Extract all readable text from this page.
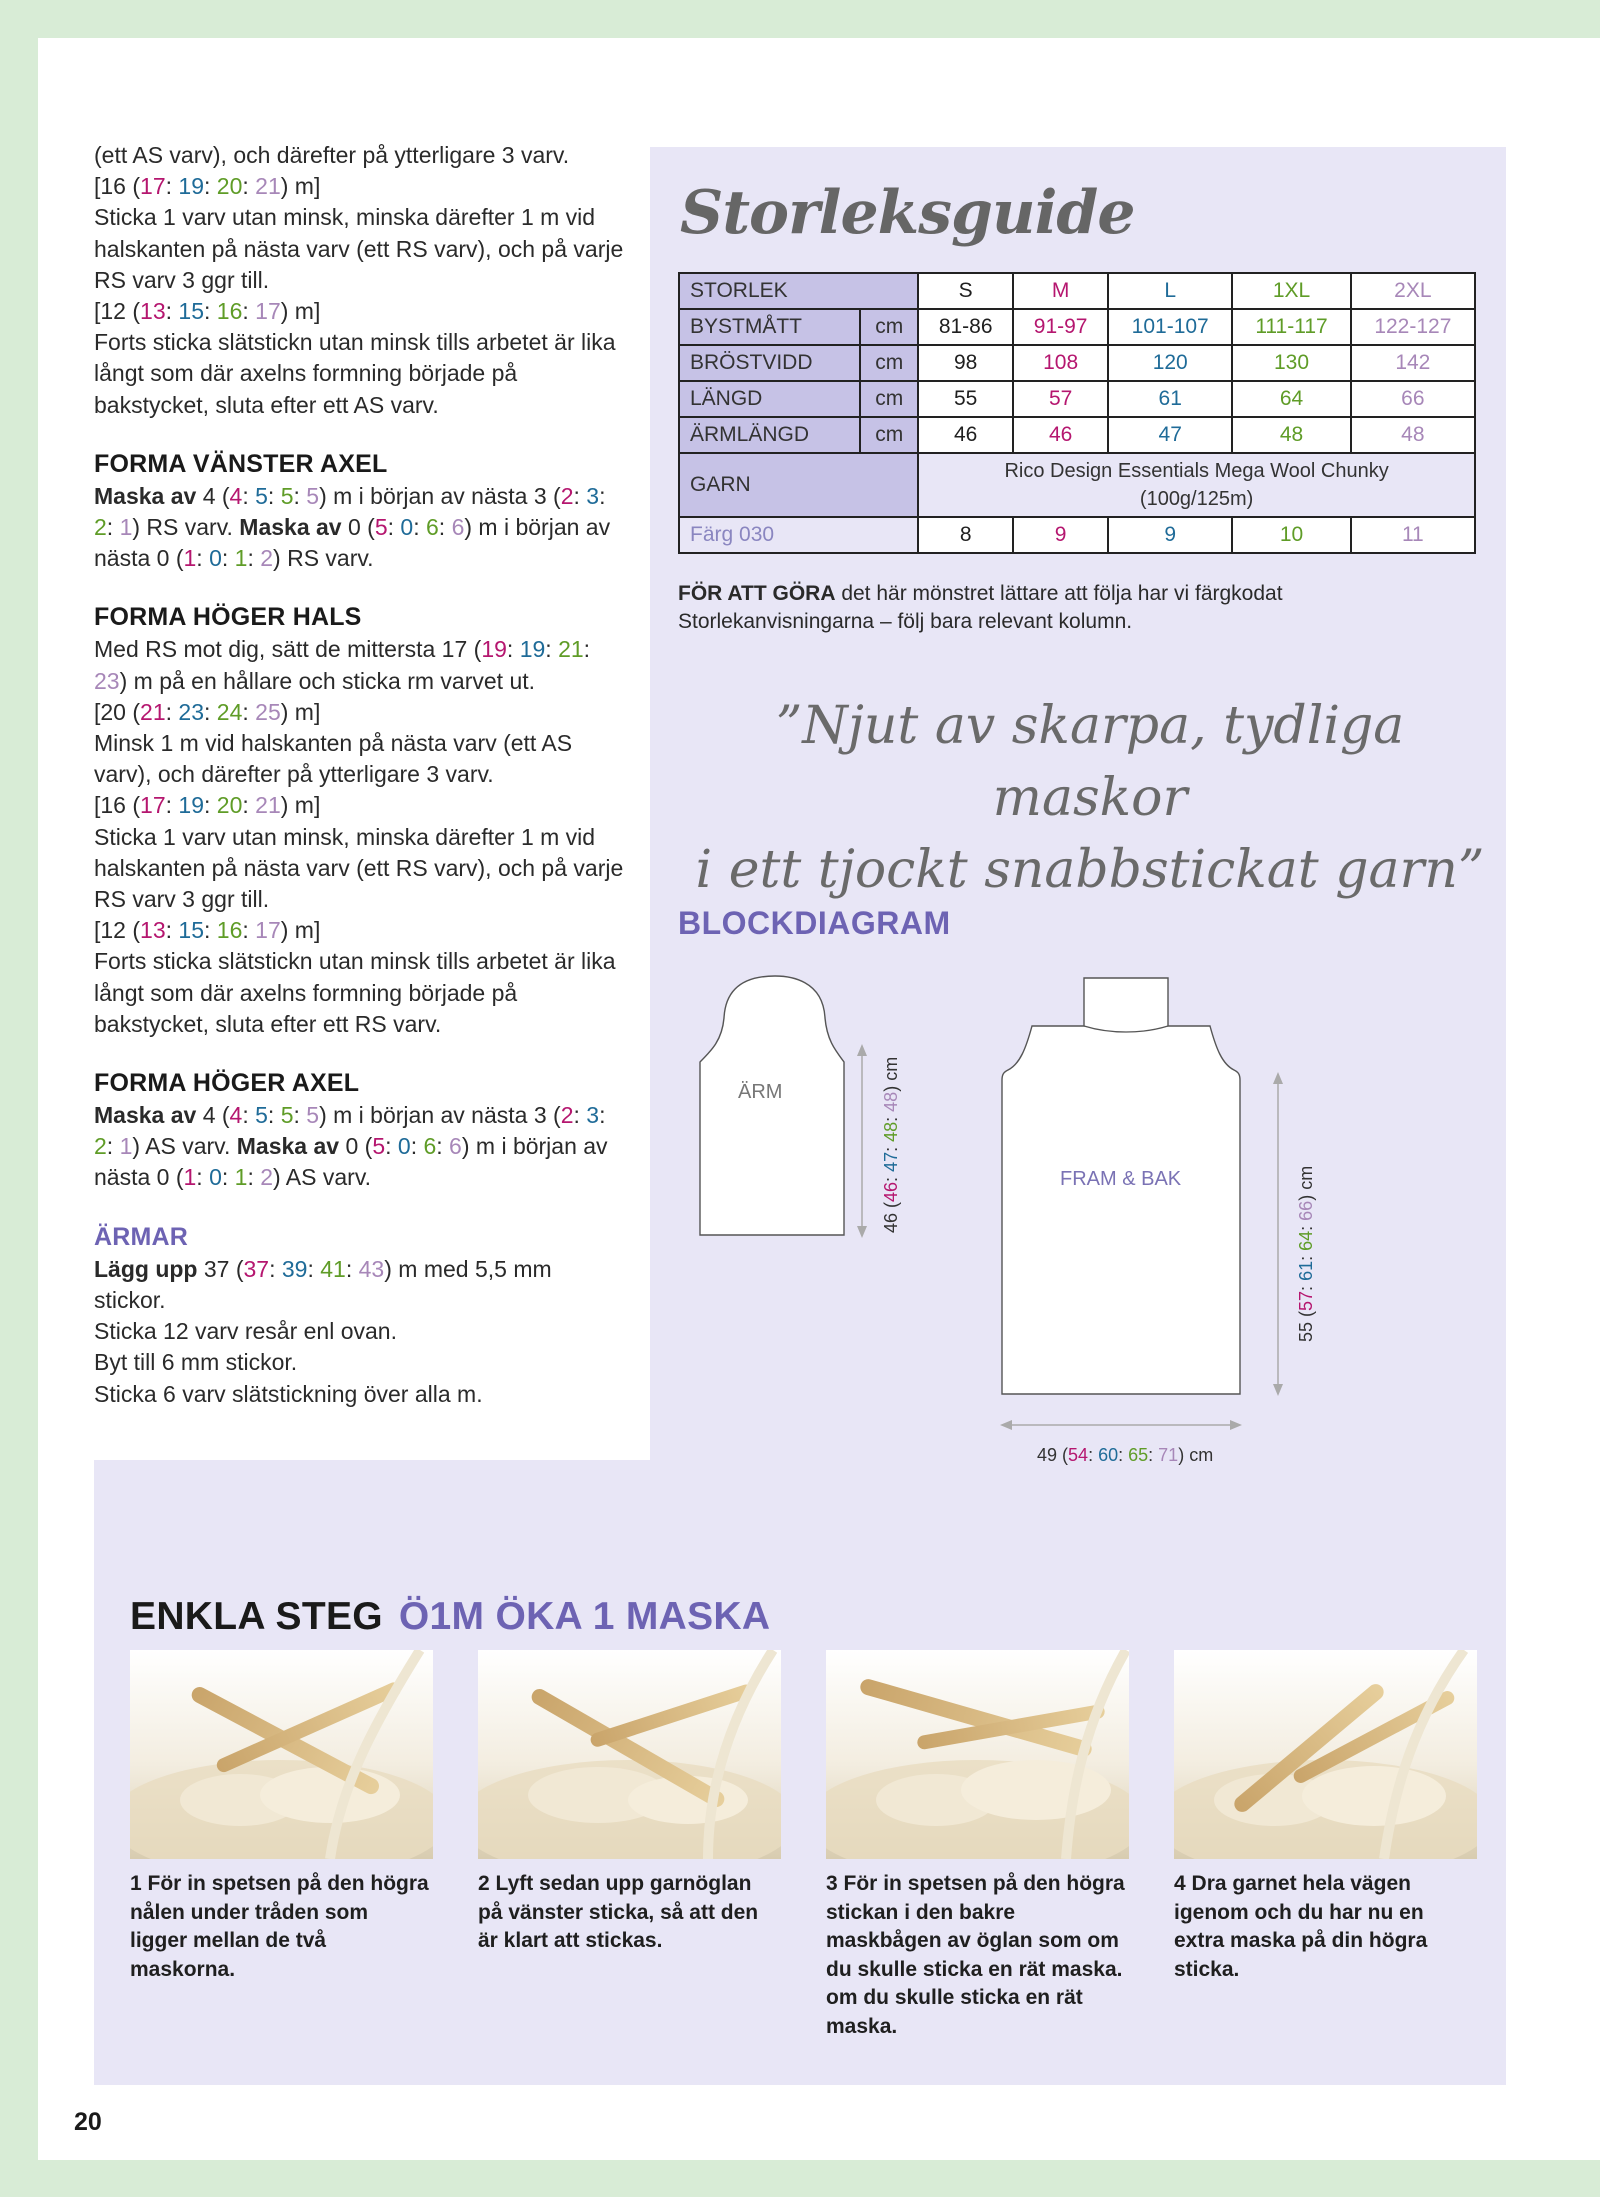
(ett AS varv), och därefter på ytterligare 3 varv.

[16 (17: 19: 20: 21) m]

Sticka 1 varv utan minsk, minska därefter 1 m vid halskanten på nästa varv (ett RS varv), och på varje RS varv 3 ggr till.

[12 (13: 15: 16: 17) m]

Forts sticka slätstickn utan minsk tills arbetet är lika långt som där axelns formning började på bakstycket, sluta efter ett AS varv.

FORMA VÄNSTER AXEL

Maska av 4 (4: 5: 5: 5) m i början av nästa 3 (2: 3: 2: 1) RS varv. Maska av 0 (5: 0: 6: 6) m i början av nästa 0 (1: 0: 1: 2) RS varv.

FORMA HÖGER HALS

Med RS mot dig, sätt de mittersta 17 (19: 19: 21: 23) m på en hållare och sticka rm varvet ut.

[20 (21: 23: 24: 25) m]

Minsk 1 m vid halskanten på nästa varv (ett AS varv), och därefter på ytterligare 3 varv.

[16 (17: 19: 20: 21) m]

Sticka 1 varv utan minsk, minska därefter 1 m vid halskanten på nästa varv (ett RS varv), och på varje RS varv 3 ggr till.

[12 (13: 15: 16: 17) m]

Forts sticka slätstickn utan minsk tills arbetet är lika långt som där axelns formning började på bakstycket, sluta efter ett RS varv.

FORMA HÖGER AXEL

Maska av 4 (4: 5: 5: 5) m i början av nästa 3 (2: 3: 2: 1) AS varv. Maska av 0 (5: 0: 6: 6) m i början av nästa 0 (1: 0: 1: 2) AS varv.

ÄRMAR

Lägg upp 37 (37: 39: 41: 43) m med 5,5 mm stickor.

Sticka 12 varv resår enl ovan.

Byt till 6 mm stickor.

Sticka 6 varv slätstickning över alla m.

Storleksguide
STORLEK		S	M	L	1XL	2XL
BYSTMÅTT	cm	81-86	91-97	101-107	111-117	122-127
BRÖSTVIDD	cm	98	108	120	130	142
LÄNGD	cm	55	57	61	64	66
ÄRMLÄNGD	cm	46	46	47	48	48
GARN		Rico Design Essentials Mega Wool Chunky
(100g/125m)				
Färg 030		8	9	9	10	11
FÖR ATT GÖRA det här mönstret lättare att följa har vi färgkodat Storlekanvisningarna – följ bara relevant kolumn.
”Njut av skarpa, tydliga maskor
i ett tjockt snabbstickat garn”
BLOCKDIAGRAM
ÄRM
46 (46: 47: 48: 48) cm
FRAM & BAK
55 (57: 61: 64: 66) cm
49 (54: 60: 65: 71) cm
ENKLA STEG Ö1M ÖKA 1 MASKA
1 För in spetsen på den högra nålen under tråden som ligger mellan de två maskorna.
2 Lyft sedan upp garnöglan på vänster sticka, så att den är klart att stickas.
3 För in spetsen på den högra stickan i den bakre maskbågen av öglan som om du skulle sticka en rät maska. om du skulle sticka en rät maska.
4 Dra garnet hela vägen igenom och du har nu en extra maska på din högra sticka.
20
